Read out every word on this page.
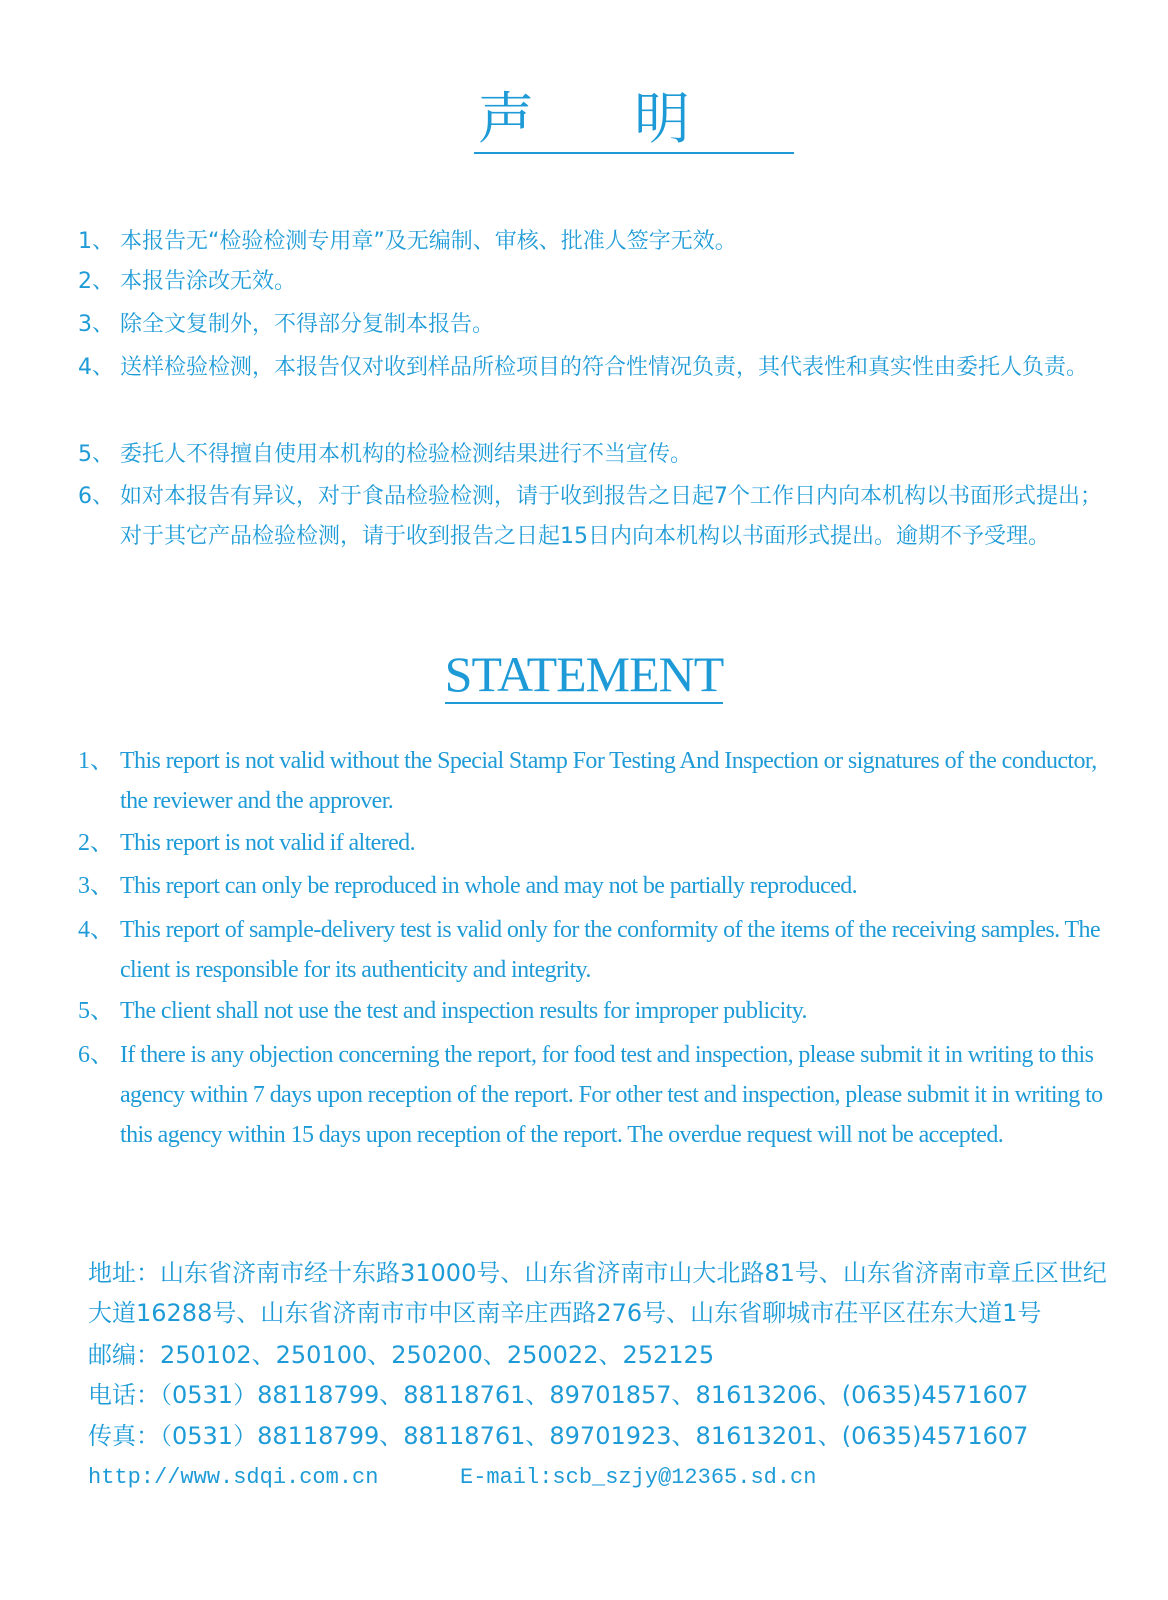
声明
1、 本报告无“检验检测专用章”及无编制、审核、批准人签字无效。
2、 本报告涂改无效。
3、 除全文复制外，不得部分复制本报告。
4、 送样检验检测，本报告仅对收到样品所检项目的符合性情况负责，其代表性和真实性由委托人负责。
5、 委托人不得擅自使用本机构的检验检测结果进行不当宣传。
6、 如对本报告有异议，对于食品检验检测，请于收到报告之日起7个工作日内向本机构以书面形式提出；对于其它产品检验检测，请于收到报告之日起15日内向本机构以书面形式提出。逾期不予受理。
STATEMENT
1、 This report is not valid without the Special Stamp For Testing And Inspection or signatures of the conductor, the reviewer and the approver.
2、 This report is not valid if altered.
3、 This report can only be reproduced in whole and may not be partially reproduced.
4、 This report of sample-delivery test is valid only for the conformity of the items of the receiving samples. The client is responsible for its authenticity and integrity.
5、 The client shall not use the test and inspection results for improper publicity.
6、 If there is any objection concerning the report, for food test and inspection, please submit it in writing to this agency within 7 days upon reception of the report. For other test and inspection, please submit it in writing to this agency within 15 days upon reception of the report. The overdue request will not be accepted.
地址：山东省济南市经十东路31000号、山东省济南市山大北路81号、山东省济南市章丘区世纪大道16288号、山东省济南市市中区南辛庄西路276号、山东省聊城市茌平区茌东大道1号
邮编：250102、250100、250200、250022、252125
电话：（0531）88118799、88118761、89701857、81613206、(0635)4571607
传真：（0531）88118799、88118761、89701923、81613201、(0635)4571607
http://www.sdqi.com.cn	E-mail:scb_szjy@12365.sd.cn
